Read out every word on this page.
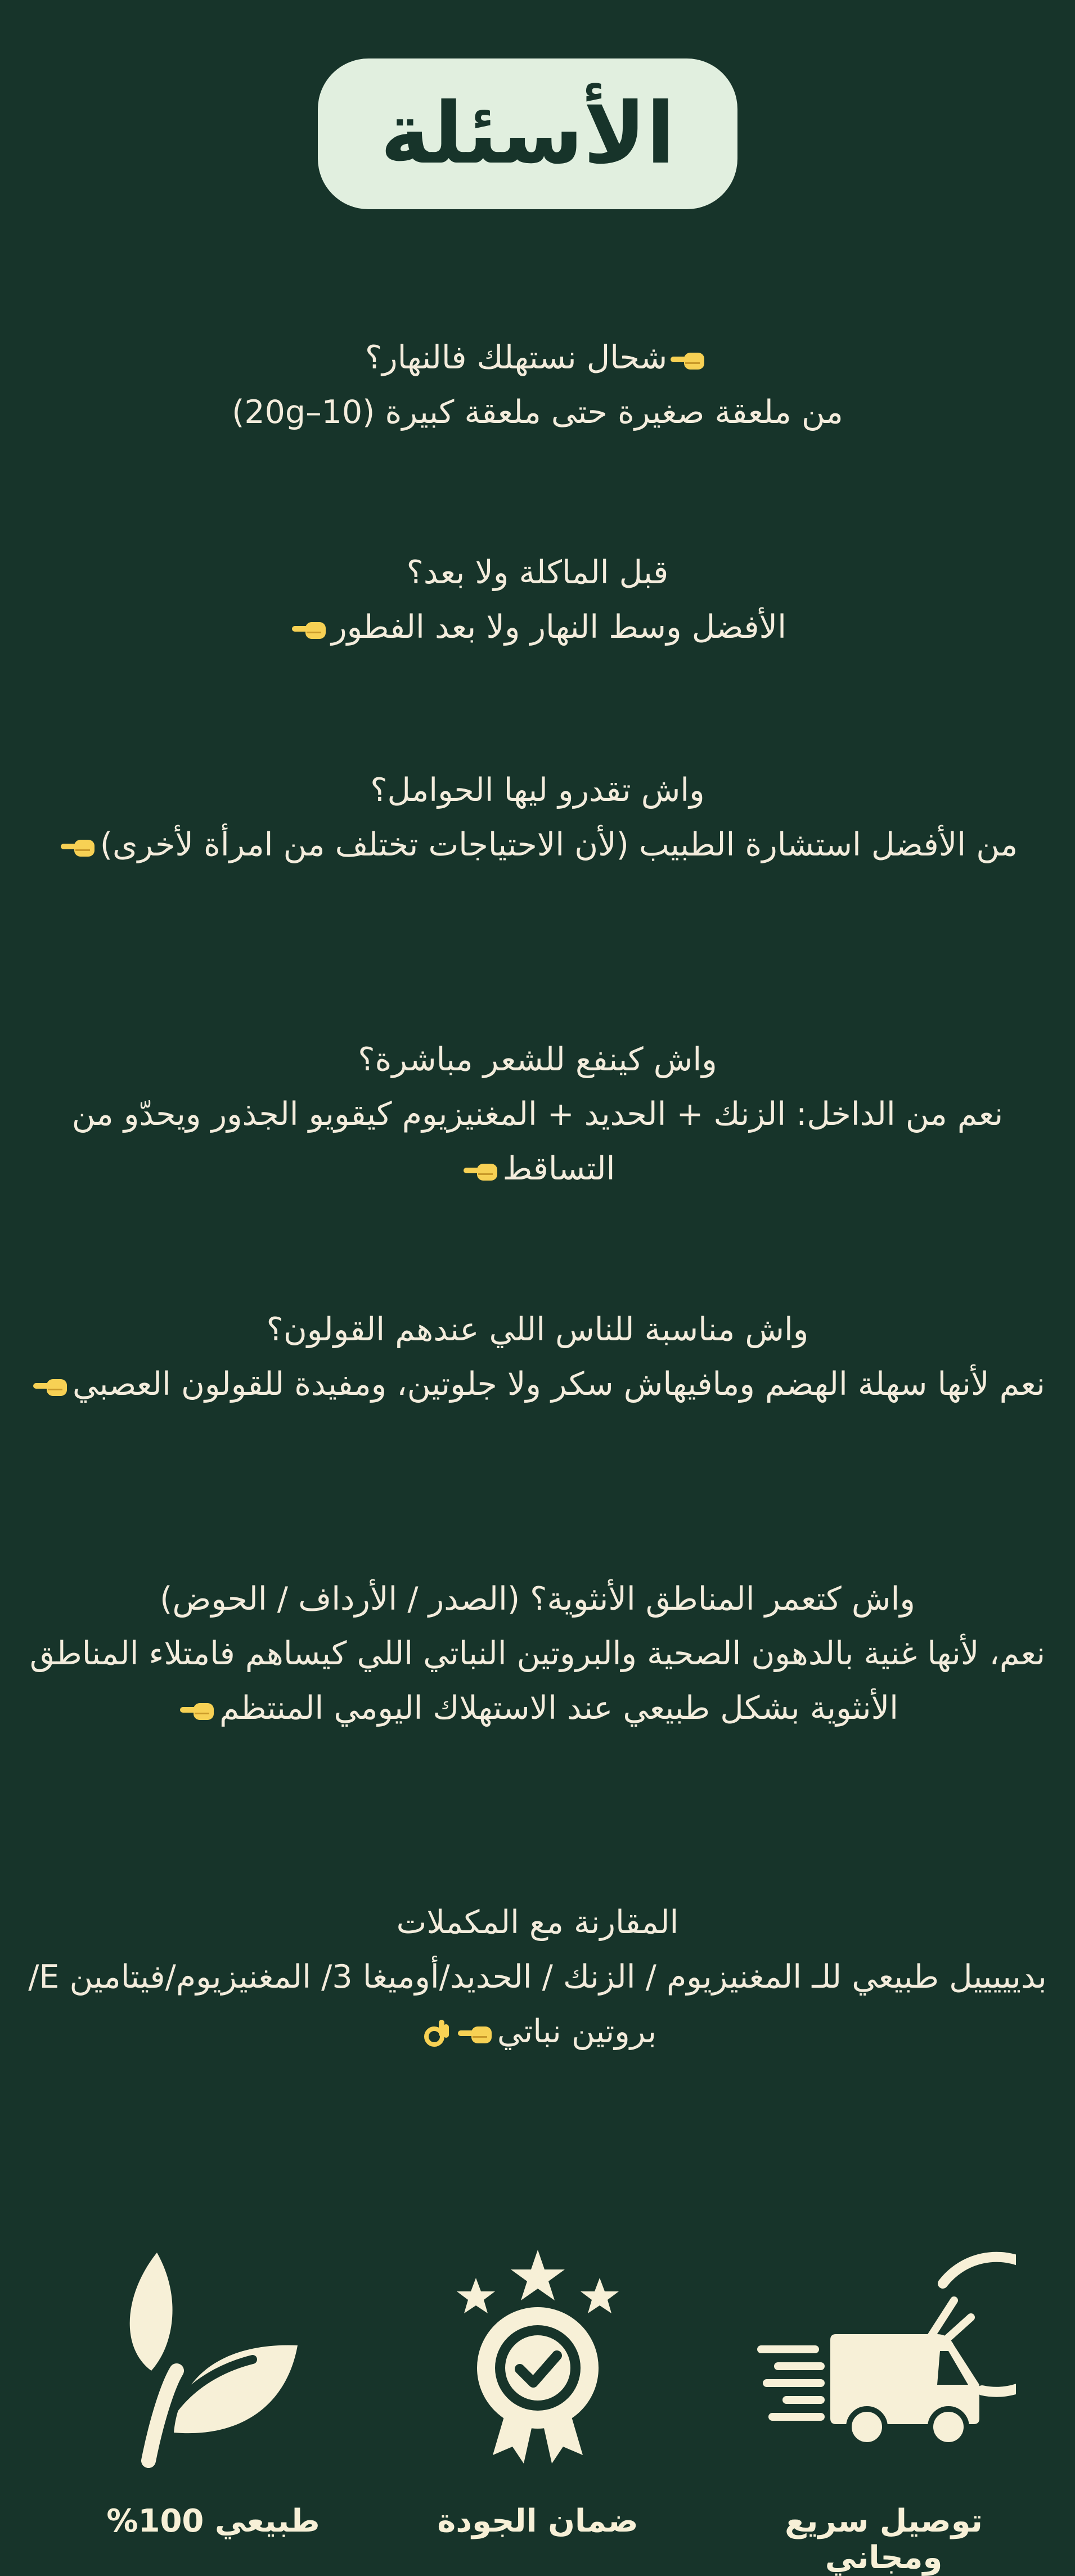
الأسئلة
شحال نستهلك فالنهار؟
من ملعقة صغيرة حتى ملعقة كبيرة (10–20g)
قبل الماكلة ولا بعد؟
الأفضل وسط النهار ولا بعد الفطور
واش تقدرو ليها الحوامل؟
من الأفضل استشارة الطبيب (لأن الاحتياجات تختلف من امرأة لأخرى)
واش كينفع للشعر مباشرة؟
نعم من الداخل: الزنك + الحديد + المغنيزيوم كيقويو الجذور ويحدّو من التساقط
واش مناسبة للناس اللي عندهم القولون؟
نعم لأنها سهلة الهضم ومافيهاش سكر ولا جلوتين، ومفيدة للقولون العصبي
واش كتعمر المناطق الأنثوية؟ (الصدر / الأرداف / الحوض)
نعم، لأنها غنية بالدهون الصحية والبروتين النباتي اللي كيساهم فامتلاء المناطق الأنثوية بشكل طبيعي عند الاستهلاك اليومي المنتظم
المقارنة مع المكملات
بديييييل طبيعي للـ المغنيزيوم / الزنك / الحديد/أوميغا 3/ المغنيزيوم/فيتامين E/بروتين نباتي
توصيل سريع ومجاني
ضمان الجودة
طبيعي 100%
